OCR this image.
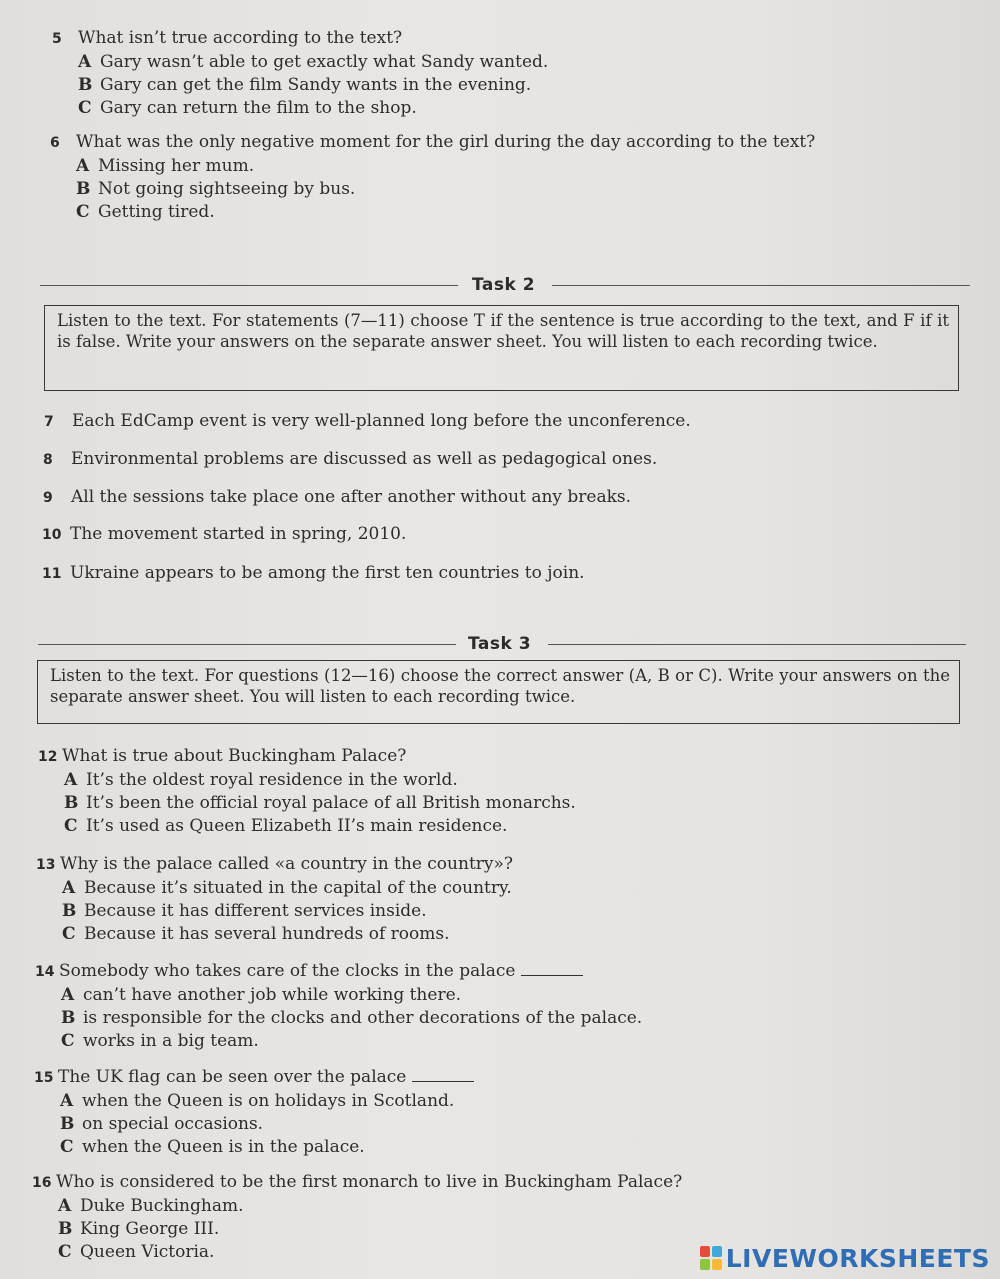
5 What isn’t true according to the text?
A Gary wasn’t able to get exactly what Sandy wanted.
B Gary can get the film Sandy wants in the evening.
C Gary can return the film to the shop.
6 What was the only negative moment for the girl during the day according to the text?
A Missing her mum.
B Not going sightseeing by bus.
C Getting tired.
Task 2
Listen to the text. For statements (7—11) choose T if the sentence is true according to the text, and F if it is false. Write your answers on the separate answer sheet. You will listen to each recording twice.
7 Each EdCamp event is very well-planned long before the unconference.
8 Environmental problems are discussed as well as pedagogical ones.
9 All the sessions take place one after another without any breaks.
10 The movement started in spring, 2010.
11 Ukraine appears to be among the first ten countries to join.
Task 3
Listen to the text. For questions (12—16) choose the correct answer (A, B or C). Write your answers on the separate answer sheet. You will listen to each recording twice.
12 What is true about Buckingham Palace?
A It’s the oldest royal residence in the world.
B It’s been the official royal palace of all British monarchs.
C It’s used as Queen Elizabeth II’s main residence.
13 Why is the palace called «a country in the country»?
A Because it’s situated in the capital of the country.
B Because it has different services inside.
C Because it has several hundreds of rooms.
14 Somebody who takes care of the clocks in the palace
A can’t have another job while working there.
B is responsible for the clocks and other decorations of the palace.
C works in a big team.
15 The UK flag can be seen over the palace
A when the Queen is on holidays in Scotland.
B on special occasions.
C when the Queen is in the palace.
16 Who is considered to be the first monarch to live in Buckingham Palace?
A Duke Buckingham.
B King George III.
C Queen Victoria.	LIVEWORKSHEETS
